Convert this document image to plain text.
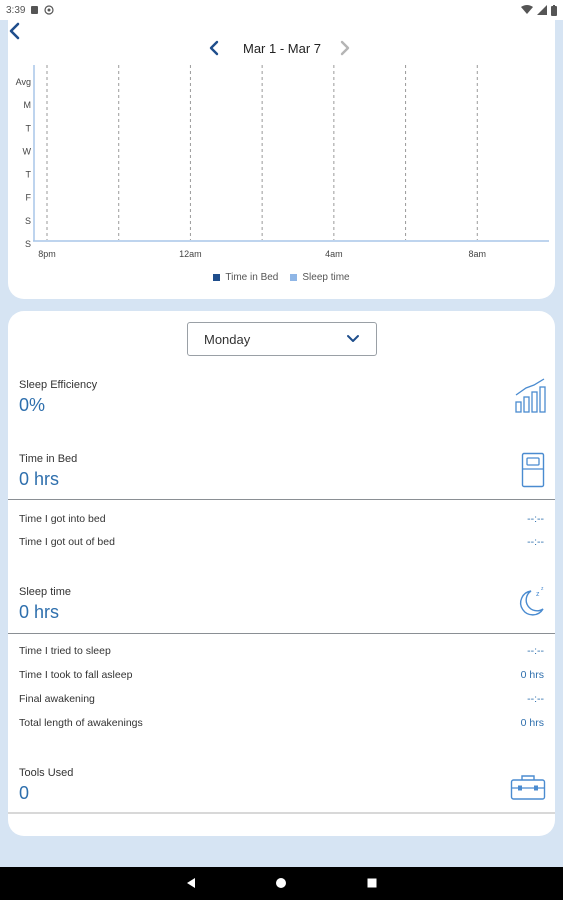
3:39
Mar 1 - Mar 7
Avg
M
T
W
T
F
S
S
8pm	12am	4am	8am
Time in Bed Sleep time
Monday
Sleep Efficiency
0%
Time in Bed
0 hrs
Time I got into bed	--:--
Time I got out of bed	--:--
Sleep time
0 hrs
z
z
Time I tried to sleep	--:--
Time I took to fall asleep	0 hrs
Final awakening	--:--
Total length of awakenings	0 hrs
Tools Used
0
